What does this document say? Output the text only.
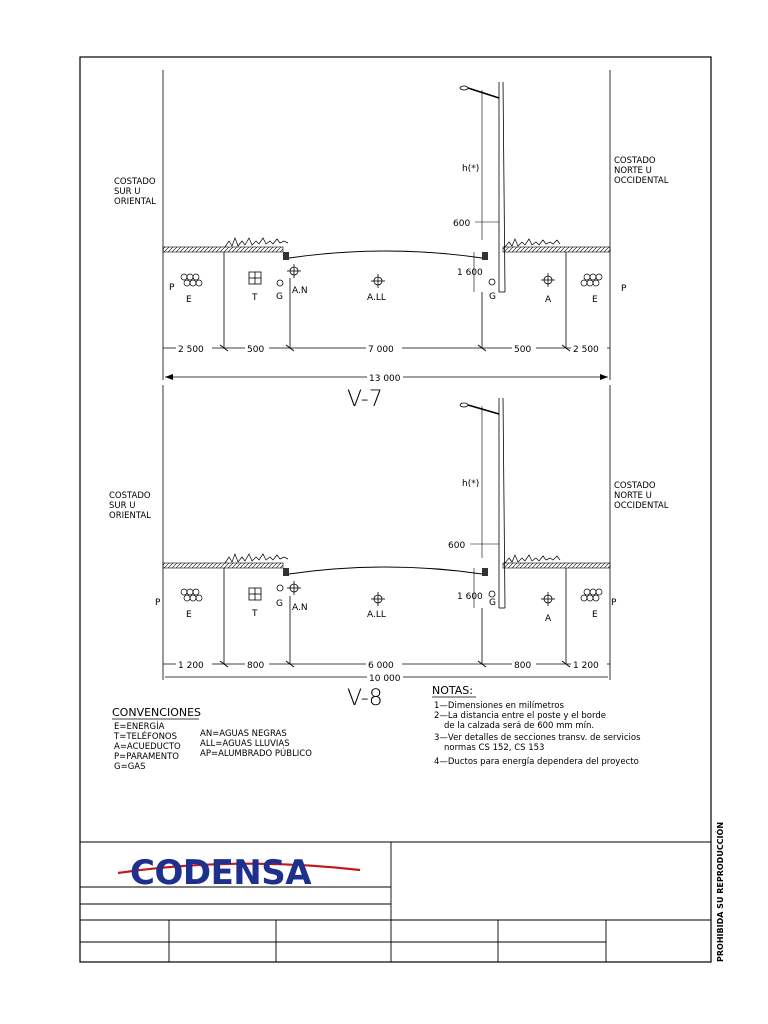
h(*)
600
1 600
COSTADO SUR U ORIENTAL
COSTADO NORTE U OCCIDENTAL
P
E	T G
A.N
A.LL	G	A	E
P
2 500	500	7 000	500	2 500
13 000
V-7
h(*)
600
1 600
COSTADO SUR U ORIENTAL
COSTADO NORTE U OCCIDENTAL
P
E	T
G A.N
A.LL
G
A	E
P
1 200	800	6 000	800	1 200
10 000
V-8
CONVENCIONES
E=ENERGÍA T=TELÉFONOS A=ACUEDUCTO P=PARAMENTO G=GAS
AN=AGUAS NEGRAS ALL=AGUAS LLUVIAS AP=ALUMBRADO PÚBLICO
NOTAS:
1—Dimensiones en milímetros 2—La distancia entre el poste y el borde de la calzada será de 600 mm mín. 3—Ver detalles de secciones transv. de servicios normas CS 152, CS 153 4—Ductos para energía dependera del proyecto
CODENSA	PROHIBIDA SU REPRODUCCIÓN
